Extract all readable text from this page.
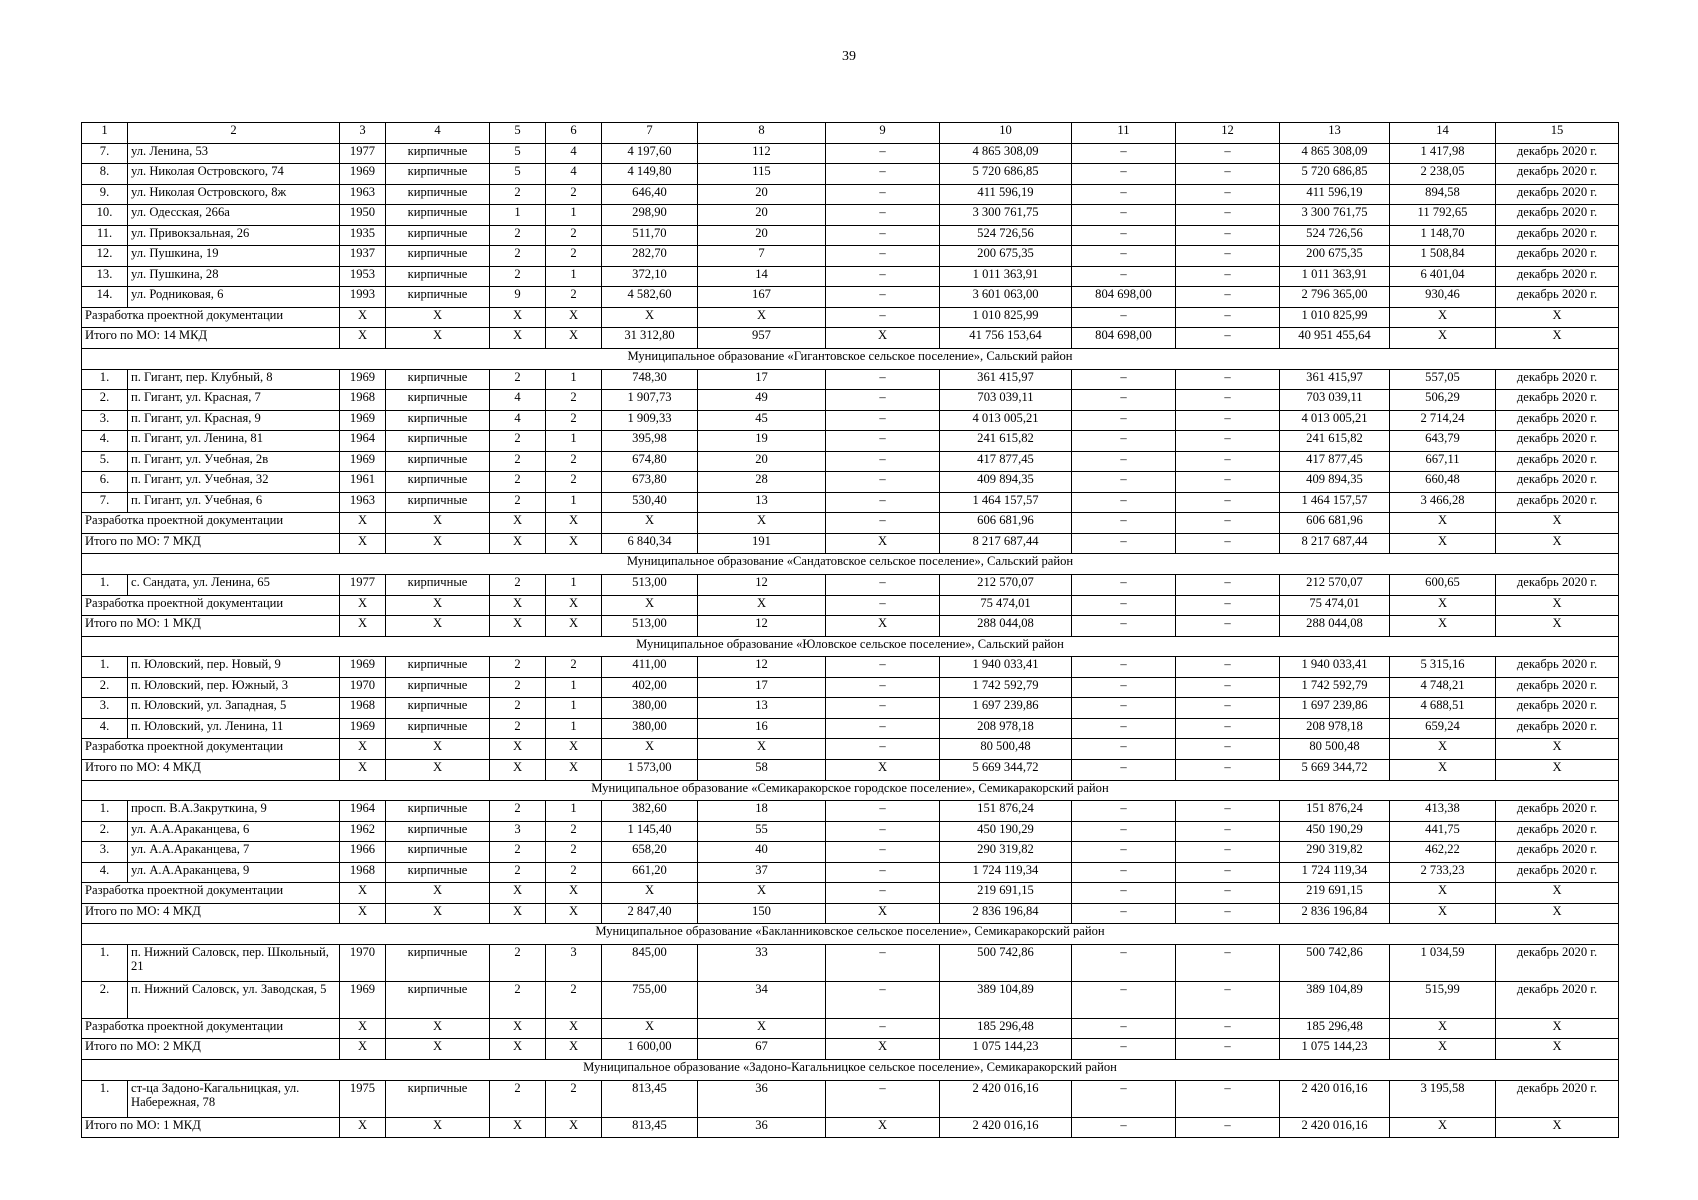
39
1	2	3	4	5	6	7	8	9	10	11	12	13	14	15
7.	ул. Ленина, 53	1977	кирпичные	5	4	4 197,60	112	–	4 865 308,09	–	–	4 865 308,09	1 417,98	декабрь 2020 г.
8.	ул. Николая Островского, 74	1969	кирпичные	5	4	4 149,80	115	–	5 720 686,85	–	–	5 720 686,85	2 238,05	декабрь 2020 г.
9.	ул. Николая Островского, 8ж	1963	кирпичные	2	2	646,40	20	–	411 596,19	–	–	411 596,19	894,58	декабрь 2020 г.
10.	ул. Одесская, 266а	1950	кирпичные	1	1	298,90	20	–	3 300 761,75	–	–	3 300 761,75	11 792,65	декабрь 2020 г.
11.	ул. Привокзальная, 26	1935	кирпичные	2	2	511,70	20	–	524 726,56	–	–	524 726,56	1 148,70	декабрь 2020 г.
12.	ул. Пушкина, 19	1937	кирпичные	2	2	282,70	7	–	200 675,35	–	–	200 675,35	1 508,84	декабрь 2020 г.
13.	ул. Пушкина, 28	1953	кирпичные	2	1	372,10	14	–	1 011 363,91	–	–	1 011 363,91	6 401,04	декабрь 2020 г.
14.	ул. Родниковая, 6	1993	кирпичные	9	2	4 582,60	167	–	3 601 063,00	804 698,00	–	2 796 365,00	930,46	декабрь 2020 г.
Разработка проектной документации		X	X	X	X	X	X	–	1 010 825,99	–	–	1 010 825,99	X	X
Итого по МО: 14 МКД		X	X	X	X	31 312,80	957	X	41 756 153,64	804 698,00	–	40 951 455,64	X	X
Муниципальное образование «Гигантовское сельское поселение», Сальский район														
1.	п. Гигант, пер. Клубный, 8	1969	кирпичные	2	1	748,30	17	–	361 415,97	–	–	361 415,97	557,05	декабрь 2020 г.
2.	п. Гигант, ул. Красная, 7	1968	кирпичные	4	2	1 907,73	49	–	703 039,11	–	–	703 039,11	506,29	декабрь 2020 г.
3.	п. Гигант, ул. Красная, 9	1969	кирпичные	4	2	1 909,33	45	–	4 013 005,21	–	–	4 013 005,21	2 714,24	декабрь 2020 г.
4.	п. Гигант, ул. Ленина, 81	1964	кирпичные	2	1	395,98	19	–	241 615,82	–	–	241 615,82	643,79	декабрь 2020 г.
5.	п. Гигант, ул. Учебная, 2в	1969	кирпичные	2	2	674,80	20	–	417 877,45	–	–	417 877,45	667,11	декабрь 2020 г.
6.	п. Гигант, ул. Учебная, 32	1961	кирпичные	2	2	673,80	28	–	409 894,35	–	–	409 894,35	660,48	декабрь 2020 г.
7.	п. Гигант, ул. Учебная, 6	1963	кирпичные	2	1	530,40	13	–	1 464 157,57	–	–	1 464 157,57	3 466,28	декабрь 2020 г.
Разработка проектной документации		X	X	X	X	X	X	–	606 681,96	–	–	606 681,96	X	X
Итого по МО: 7 МКД		X	X	X	X	6 840,34	191	X	8 217 687,44	–	–	8 217 687,44	X	X
Муниципальное образование «Сандатовское сельское поселение», Сальский район														
1.	с. Сандата, ул. Ленина, 65	1977	кирпичные	2	1	513,00	12	–	212 570,07	–	–	212 570,07	600,65	декабрь 2020 г.
Разработка проектной документации		X	X	X	X	X	X	–	75 474,01	–	–	75 474,01	X	X
Итого по МО: 1 МКД		X	X	X	X	513,00	12	X	288 044,08	–	–	288 044,08	X	X
Муниципальное образование «Юловское сельское поселение», Сальский район														
1.	п. Юловский, пер. Новый, 9	1969	кирпичные	2	2	411,00	12	–	1 940 033,41	–	–	1 940 033,41	5 315,16	декабрь 2020 г.
2.	п. Юловский, пер. Южный, 3	1970	кирпичные	2	1	402,00	17	–	1 742 592,79	–	–	1 742 592,79	4 748,21	декабрь 2020 г.
3.	п. Юловский, ул. Западная, 5	1968	кирпичные	2	1	380,00	13	–	1 697 239,86	–	–	1 697 239,86	4 688,51	декабрь 2020 г.
4.	п. Юловский, ул. Ленина, 11	1969	кирпичные	2	1	380,00	16	–	208 978,18	–	–	208 978,18	659,24	декабрь 2020 г.
Разработка проектной документации		X	X	X	X	X	X	–	80 500,48	–	–	80 500,48	X	X
Итого по МО: 4 МКД		X	X	X	X	1 573,00	58	X	5 669 344,72	–	–	5 669 344,72	X	X
Муниципальное образование «Семикаракорское городское поселение», Семикаракорский район														
1.	просп. В.А.Закруткина, 9	1964	кирпичные	2	1	382,60	18	–	151 876,24	–	–	151 876,24	413,38	декабрь 2020 г.
2.	ул. А.А.Араканцева, 6	1962	кирпичные	3	2	1 145,40	55	–	450 190,29	–	–	450 190,29	441,75	декабрь 2020 г.
3.	ул. А.А.Араканцева, 7	1966	кирпичные	2	2	658,20	40	–	290 319,82	–	–	290 319,82	462,22	декабрь 2020 г.
4.	ул. А.А.Араканцева, 9	1968	кирпичные	2	2	661,20	37	–	1 724 119,34	–	–	1 724 119,34	2 733,23	декабрь 2020 г.
Разработка проектной документации		X	X	X	X	X	X	–	219 691,15	–	–	219 691,15	X	X
Итого по МО: 4 МКД		X	X	X	X	2 847,40	150	X	2 836 196,84	–	–	2 836 196,84	X	X
Муниципальное образование «Бакланниковское сельское поселение», Семикаракорский район														
1.	п. Нижний Саловск, пер. Школьный, 21	1970	кирпичные	2	3	845,00	33	–	500 742,86	–	–	500 742,86	1 034,59	декабрь 2020 г.
2.	п. Нижний Саловск, ул. Заводская, 5	1969	кирпичные	2	2	755,00	34	–	389 104,89	–	–	389 104,89	515,99	декабрь 2020 г.
Разработка проектной документации		X	X	X	X	X	X	–	185 296,48	–	–	185 296,48	X	X
Итого по МО: 2 МКД		X	X	X	X	1 600,00	67	X	1 075 144,23	–	–	1 075 144,23	X	X
Муниципальное образование «Задоно-Кагальницкое сельское поселение», Семикаракорский район														
1.	ст-ца Задоно-Кагальницкая, ул. Набережная, 78	1975	кирпичные	2	2	813,45	36	–	2 420 016,16	–	–	2 420 016,16	3 195,58	декабрь 2020 г.
Итого по МО: 1 МКД		X	X	X	X	813,45	36	X	2 420 016,16	–	–	2 420 016,16	X	X
